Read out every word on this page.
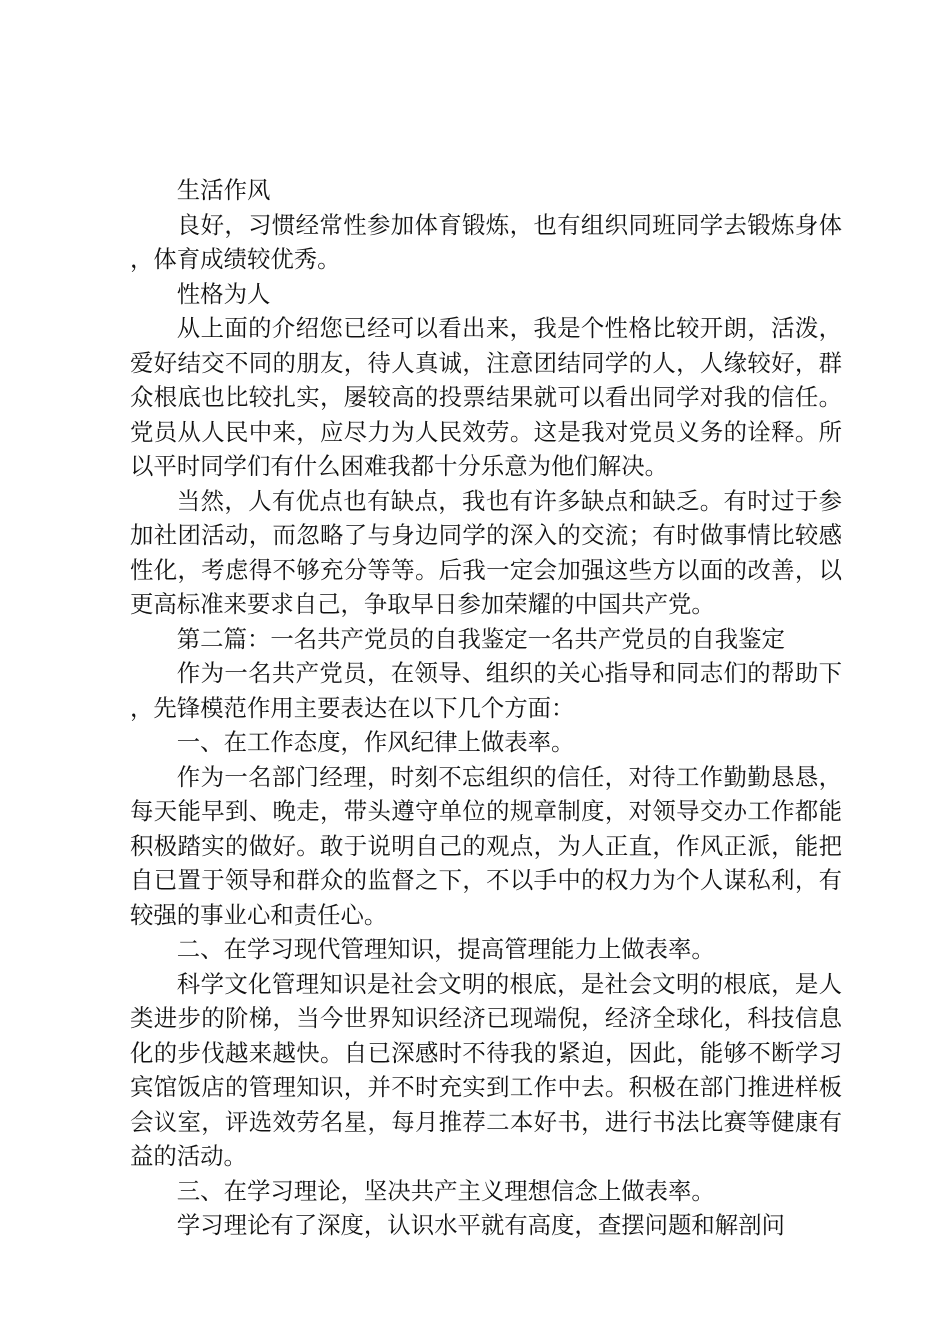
生活作风

良好，习惯经常性参加体育锻炼，也有组织同班同学去锻炼身体，体育成绩较优秀。

性格为人

从上面的介绍您已经可以看出来，我是个性格比较开朗，活泼，爱好结交不同的朋友，待人真诚，注意团结同学的人，人缘较好，群众根底也比较扎实，屡较高的投票结果就可以看出同学对我的信任。党员从人民中来，应尽力为人民效劳。这是我对党员义务的诠释。所以平时同学们有什么困难我都十分乐意为他们解决。

当然，人有优点也有缺点，我也有许多缺点和缺乏。有时过于参加社团活动，而忽略了与身边同学的深入的交流；有时做事情比较感性化，考虑得不够充分等等。后我一定会加强这些方以面的改善，以更高标准来要求自己，争取早日参加荣耀的中国共产党。

第二篇：一名共产党员的自我鉴定一名共产党员的自我鉴定

作为一名共产党员，在领导、组织的关心指导和同志们的帮助下，先锋模范作用主要表达在以下几个方面：

一、在工作态度，作风纪律上做表率。

作为一名部门经理，时刻不忘组织的信任，对待工作勤勤恳恳，每天能早到、晚走，带头遵守单位的规章制度，对领导交办工作都能积极踏实的做好。敢于说明自己的观点，为人正直，作风正派，能把自已置于领导和群众的监督之下，不以手中的权力为个人谋私利，有较强的事业心和责任心。

二、在学习现代管理知识，提高管理能力上做表率。

科学文化管理知识是社会文明的根底，是社会文明的根底，是人类进步的阶梯，当今世界知识经济已现端倪，经济全球化，科技信息化的步伐越来越快。自已深感时不待我的紧迫，因此，能够不断学习宾馆饭店的管理知识，并不时充实到工作中去。积极在部门推进样板会议室，评选效劳名星，每月推荐二本好书，进行书法比赛等健康有益的活动。

三、在学习理论，坚决共产主义理想信念上做表率。

学习理论有了深度，认识水平就有高度，查摆问题和解剖问
